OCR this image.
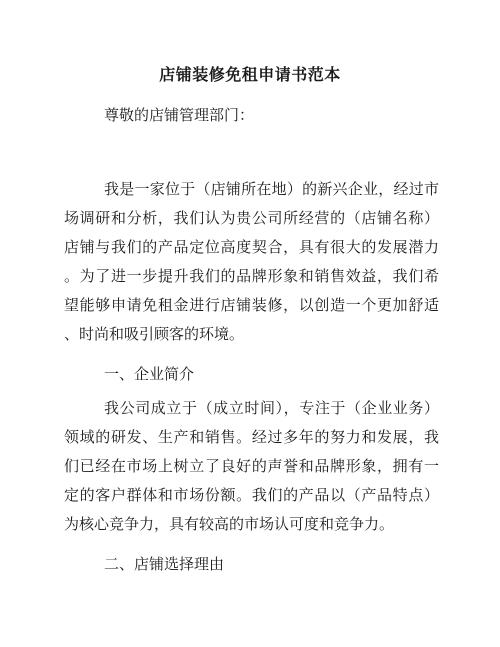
店铺装修免租申请书范本

尊敬的店铺管理部门：

我是一家位于（店铺所在地）的新兴企业，经过市
场调研和分析，我们认为贵公司所经营的（店铺名称）
店铺与我们的产品定位高度契合，具有很大的发展潜力
。为了进一步提升我们的品牌形象和销售效益，我们希
望能够申请免租金进行店铺装修，以创造一个更加舒适
、时尚和吸引顾客的环境。

一、企业简介

我公司成立于（成立时间），专注于（企业业务）
领域的研发、生产和销售。经过多年的努力和发展，我
们已经在市场上树立了良好的声誉和品牌形象，拥有一
定的客户群体和市场份额。我们的产品以（产品特点）
为核心竞争力，具有较高的市场认可度和竞争力。

二、店铺选择理由
